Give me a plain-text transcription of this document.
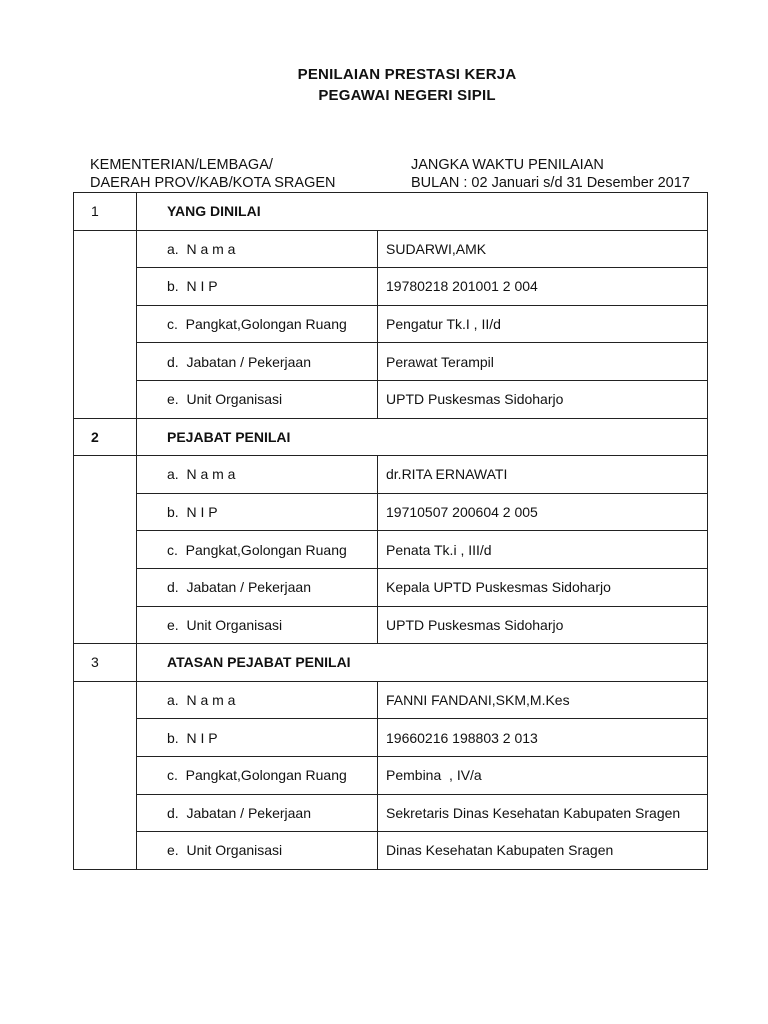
PENILAIAN PRESTASI KERJA
PEGAWAI NEGERI SIPIL
KEMENTERIAN/LEMBAGA/
DAERAH PROV/KAB/KOTA SRAGEN
JANGKA WAKTU PENILAIAN
BULAN : 02 Januari s/d 31 Desember 2017
1	YANG DINILAI	
	a.  N a m a	SUDARWI,AMK
	b.  N I P	19780218 201001 2 004
	c.  Pangkat,Golongan Ruang	Pengatur Tk.I , II/d
	d.  Jabatan / Pekerjaan	Perawat Terampil
	e.  Unit Organisasi	UPTD Puskesmas Sidoharjo
2	PEJABAT PENILAI	
	a.  N a m a	dr.RITA ERNAWATI
	b.  N I P	19710507 200604 2 005
	c.  Pangkat,Golongan Ruang	Penata Tk.i , III/d
	d.  Jabatan / Pekerjaan	Kepala UPTD Puskesmas Sidoharjo
	e.  Unit Organisasi	UPTD Puskesmas Sidoharjo
3	ATASAN PEJABAT PENILAI	
	a.  N a m a	FANNI FANDANI,SKM,M.Kes
	b.  N I P	19660216 198803 2 013
	c.  Pangkat,Golongan Ruang	Pembina  , IV/a
	d.  Jabatan / Pekerjaan	Sekretaris Dinas Kesehatan Kabupaten Sragen
	e.  Unit Organisasi	Dinas Kesehatan Kabupaten Sragen
